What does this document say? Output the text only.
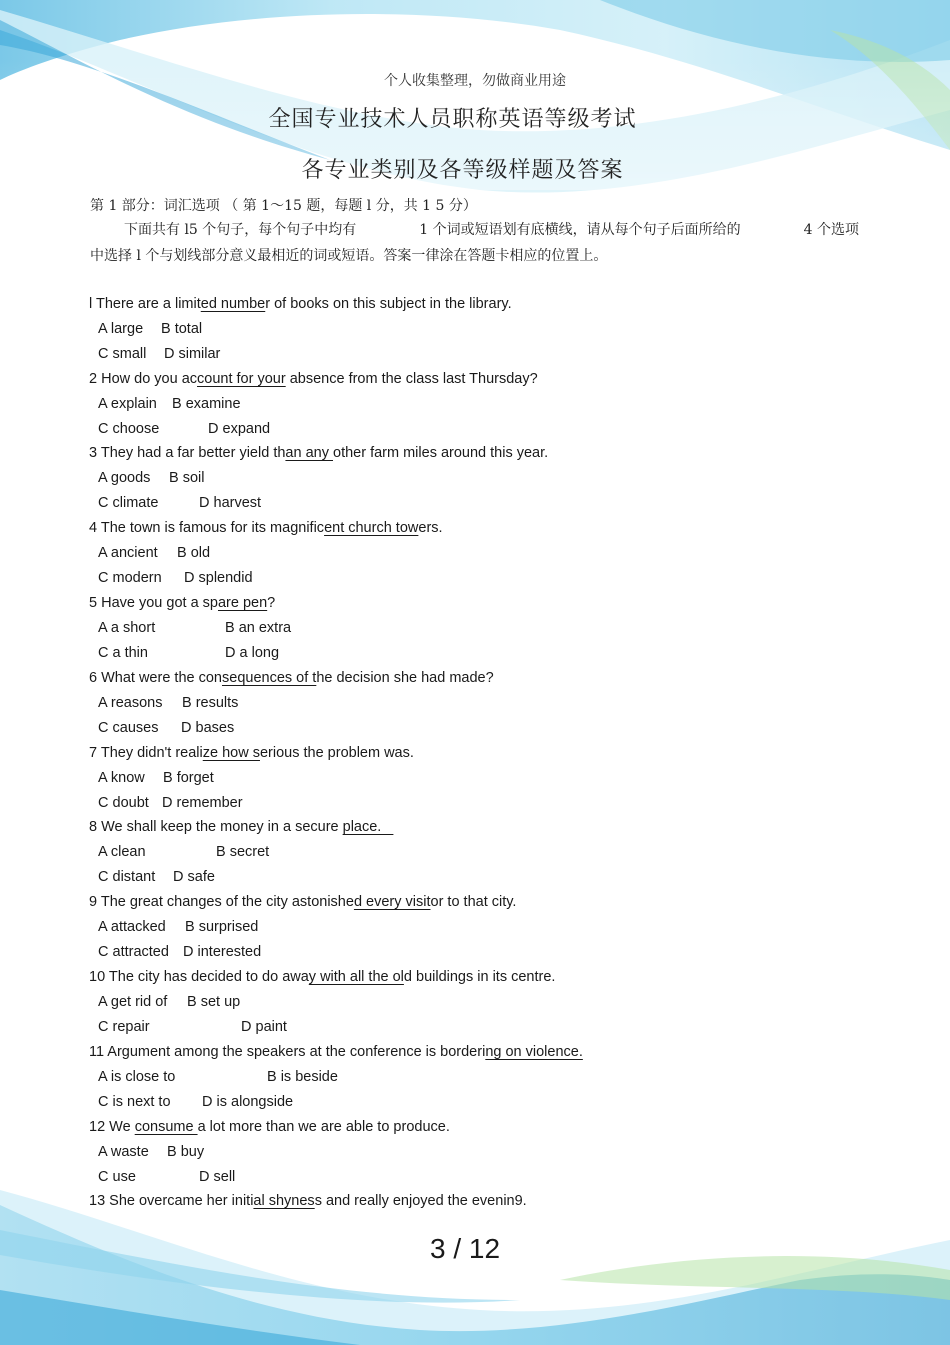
个人收集整理，勿做商业用途
全国专业技术人员职称英语等级考试
各专业类别及各等级样题及答案
第 1 部分：词汇选项 （ 第 1～15 题，每题 l 分，共 1 5 分）
下面共有 l5 个句子，每个句子中均有	1 个词或短语划有底横线，请从每个句子后面所给的	4 个选项
中选择 l 个与划线部分意义最相近的词或短语。答案一律涂在答题卡相应的位置上。
l There are a limited number of books on this subject in the library.
A large B total
C small D similar
2 How do you account for your absence from the class last Thursday?
A explain B examine
C choose	D expand
3 They had a far better yield than any other farm miles around this year.
A goods B soil
C climate	D harvest
4 The town is famous for its magnificent church towers.
A ancient B old
C modern D splendid
5 Have you got a spare pen?
A a short	B an extra
C a thin	D a long
6 What were the consequences of the decision she had made?
A reasons B results
C causes D bases
7 They didn't realize how serious the problem was.
A know B forget
C doubt D remember
8 We shall keep the money in a secure place.
A clean	B secret
C distant D safe
9 The great changes of the city astonished every visitor to that city.
A attacked B surprised
C attracted D interested
10 The city has decided to do away with all the old buildings in its centre.
A get rid of B set up
C repair	D paint
11 Argument among the speakers at the conference is bordering on violence.
A is close to	B is beside
C is next to D is alongside
12 We consume a lot more than we are able to produce.
A waste B buy
C use	D sell
13 She overcame her initial shyness and really enjoyed the evenin9.
3 / 12
